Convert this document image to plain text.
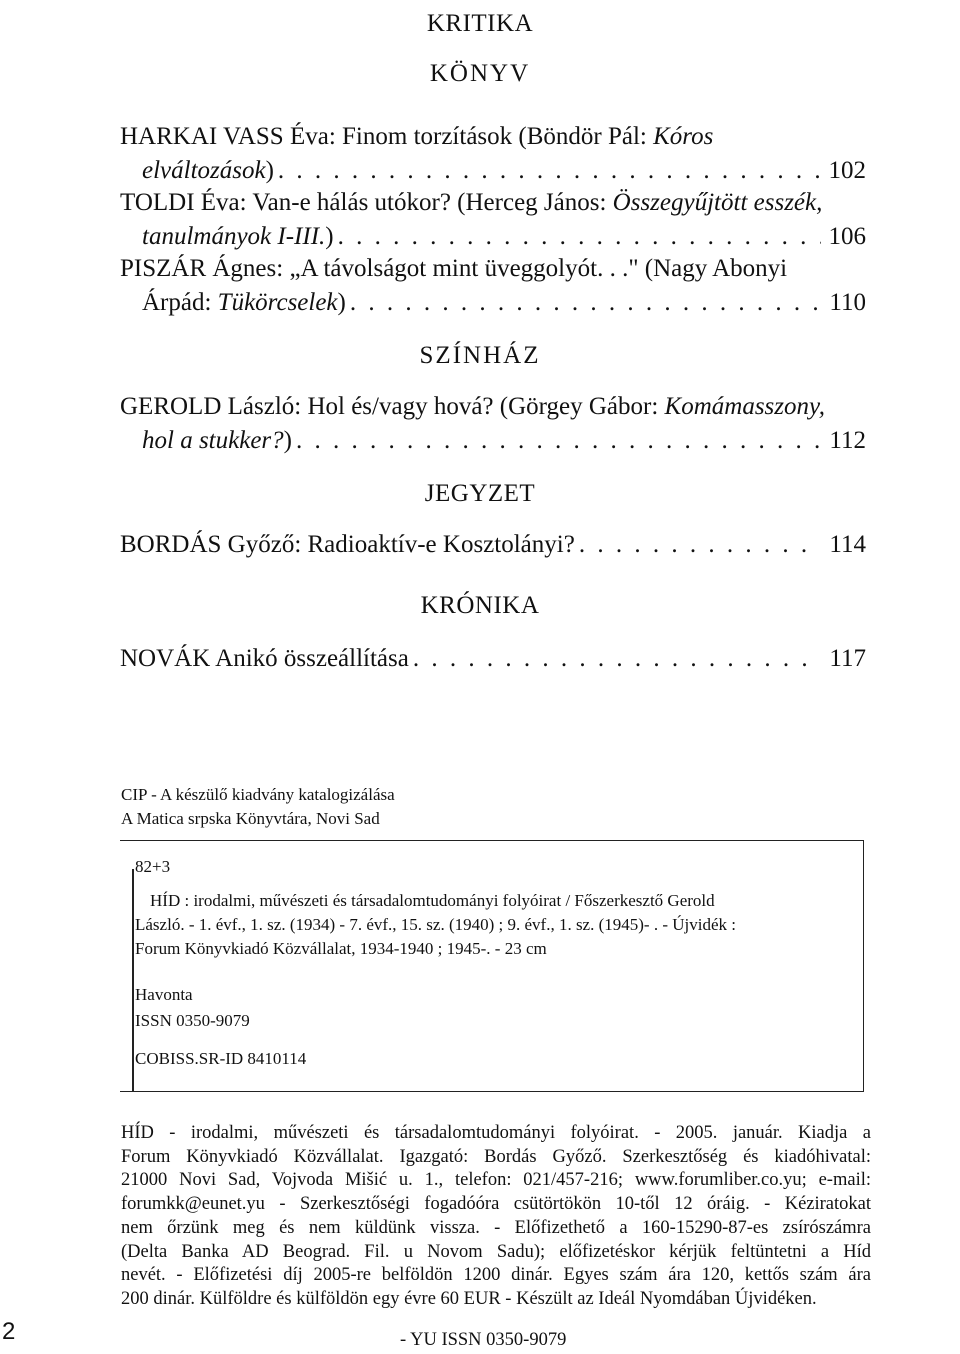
KRITIKA
KÖNYV
HARKAI VASS Éva: Finom torzítások (Böndör Pál: Kóros
elváltozások) . . .	102
TOLDI Éva: Van-e hálás utókor? (Herceg János: Összegyűjtött esszék,
tanulmányok I-III.) . . .	106
PISZÁR Ágnes: „A távolságot mint üveggolyót. . ." (Nagy Abonyi
Árpád: Tükörcselek) . . .	110
SZÍNHÁZ
GEROLD László: Hol és/vagy hová? (Görgey Gábor: Komámasszony,
hol a stukker?) . . .	112
JEGYZET
BORDÁS Győző: Radioaktív-e Kosztolányi? . . .	114
KRÓNIKA
NOVÁK Anikó összeállítása . . .	117
CIP - A készülő kiadvány katalogizálása
A Matica srpska Könyvtára, Novi Sad
82+3
HÍD : irodalmi, művészeti és társadalomtudományi folyóirat / Főszerkesztő Gerold
László. - 1. évf., 1. sz. (1934) - 7. évf., 15. sz. (1940) ; 9. évf., 1. sz. (1945)- . - Újvidék :
Forum Könyvkiadó Közvállalat, 1934-1940 ; 1945-. - 23 cm
Havonta
ISSN 0350-9079
COBISS.SR-ID 8410114

HÍD - irodalmi, művészeti és társadalomtudományi folyóirat. - 2005. január. Kiadja a

Forum Könyvkiadó Közvállalat. Igazgató: Bordás Győző. Szerkesztőség és kiadóhivatal:

21000 Novi Sad, Vojvoda Mišić u. 1., telefon: 021/457-216; www.forumliber.co.yu; e-mail:

forumkk@eunet.yu - Szerkesztőségi fogadóóra csütörtökön 10-től 12 óráig. - Kéziratokat

nem őrzünk meg és nem küldünk vissza. - Előfizethető a 160-15290-87-es zsírószámra

(Delta Banka AD Beograd. Fil. u Novom Sadu); előfizetéskor kérjük feltüntetni a Híd

nevét. - Előfizetési díj 2005-re belföldön 1200 dinár. Egyes szám ára 120, kettős szám ára

200 dinár. Külföldre és külföldön egy évre 60 EUR - Készült az Ideál Nyomdában Újvidéken.

- YU ISSN 0350-9079
2
